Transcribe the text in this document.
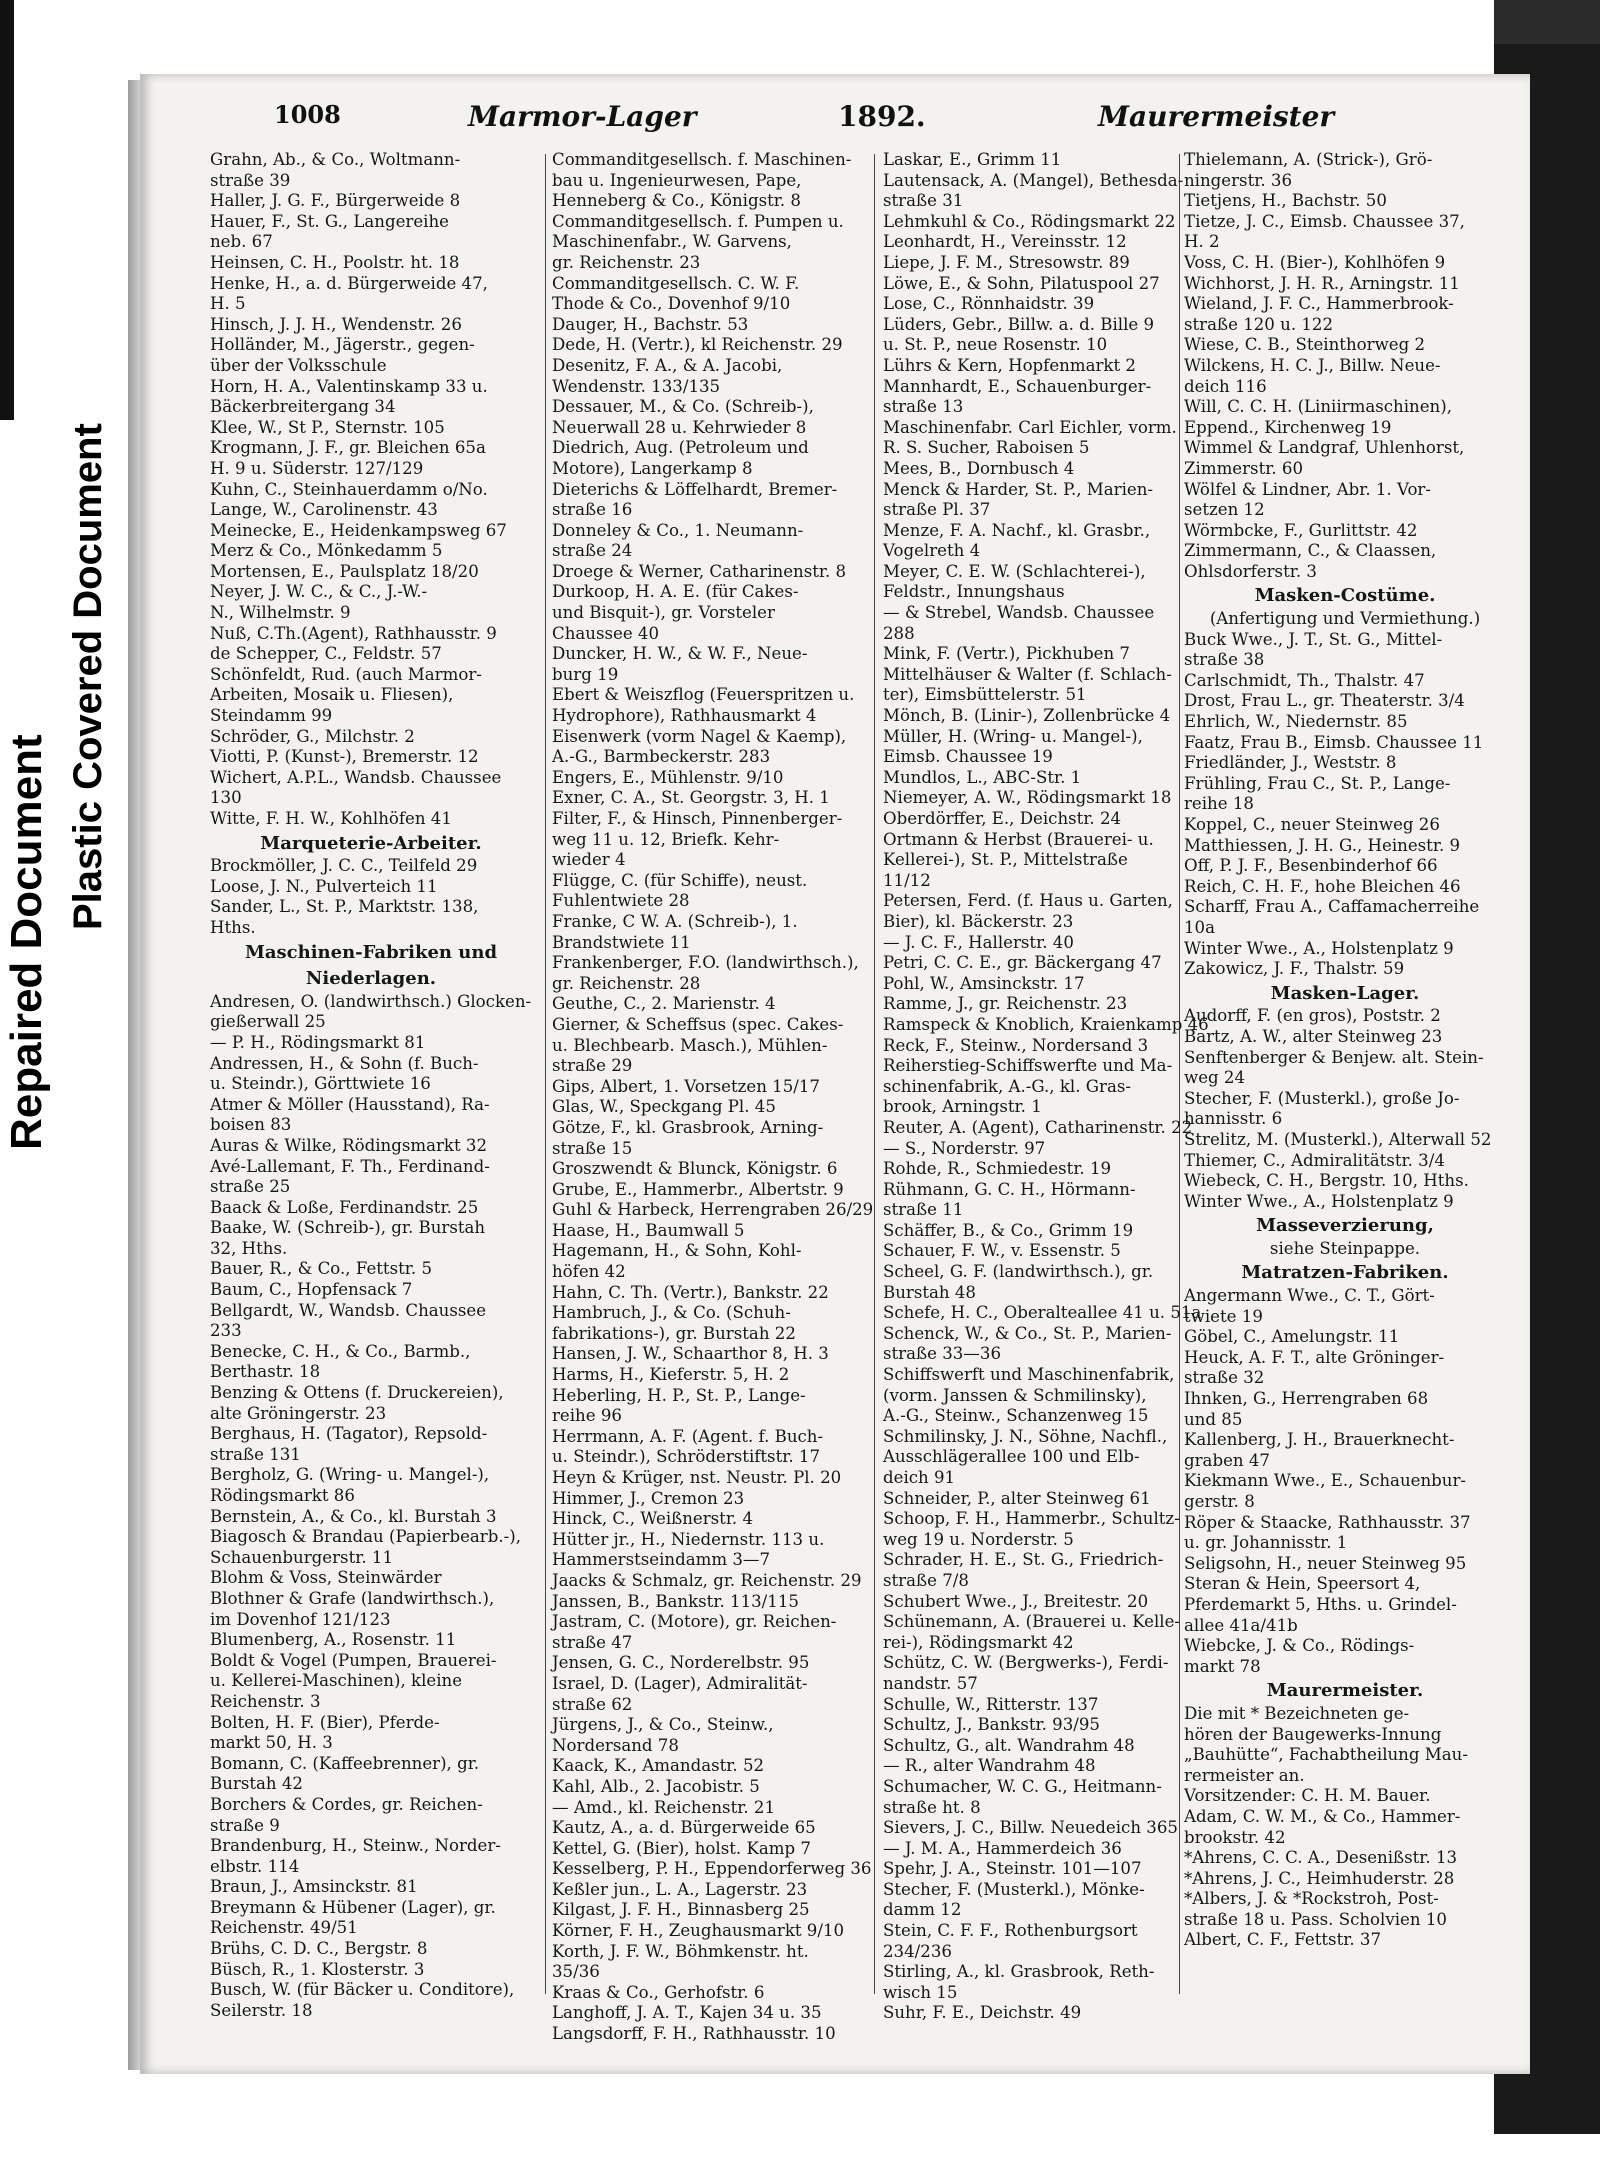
Repaired Document
Plastic Covered Document
1008	Marmor-Lager	1892.	Maurermeister
Grahn, Ab., & Co., Woltmann-
straße 39
Haller, J. G. F., Bürgerweide 8
Hauer, F., St. G., Langereihe
neb. 67
Heinsen, C. H., Poolstr. ht. 18
Henke, H., a. d. Bürgerweide 47,
H. 5
Hinsch, J. J. H., Wendenstr. 26
Holländer, M., Jägerstr., gegen-
über der Volksschule
Horn, H. A., Valentinskamp 33 u.
Bäckerbreitergang 34
Klee, W., St P., Sternstr. 105
Krogmann, J. F., gr. Bleichen 65a
H. 9 u. Süderstr. 127/129
Kuhn, C., Steinhauerdamm o/No.
Lange, W., Carolinenstr. 43
Meinecke, E., Heidenkampsweg 67
Merz & Co., Mönkedamm 5
Mortensen, E., Paulsplatz 18/20
Neyer, J. W. C., & C., J.-W.-
N., Wilhelmstr. 9
Nuß, C.Th.(Agent), Rathhausstr. 9
de Schepper, C., Feldstr. 57
Schönfeldt, Rud. (auch Marmor-
Arbeiten, Mosaik u. Fliesen),
Steindamm 99
Schröder, G., Milchstr. 2
Viotti, P. (Kunst-), Bremerstr. 12
Wichert, A.P.L., Wandsb. Chaussee
130
Witte, F. H. W., Kohlhöfen 41
Marqueterie-Arbeiter.
Brockmöller, J. C. C., Teilfeld 29
Loose, J. N., Pulverteich 11
Sander, L., St. P., Marktstr. 138,
Hths.
Maschinen-Fabriken und
Niederlagen.
Andresen, O. (landwirthsch.) Glocken-
gießerwall 25
— P. H., Rödingsmarkt 81
Andressen, H., & Sohn (f. Buch-
u. Steindr.), Görttwiete 16
Atmer & Möller (Hausstand), Ra-
boisen 83
Auras & Wilke, Rödingsmarkt 32
Avé-Lallemant, F. Th., Ferdinand-
straße 25
Baack & Loße, Ferdinandstr. 25
Baake, W. (Schreib-), gr. Burstah
32, Hths.
Bauer, R., & Co., Fettstr. 5
Baum, C., Hopfensack 7
Bellgardt, W., Wandsb. Chaussee
233
Benecke, C. H., & Co., Barmb.,
Berthastr. 18
Benzing & Ottens (f. Druckereien),
alte Gröningerstr. 23
Berghaus, H. (Tagator), Repsold-
straße 131
Bergholz, G. (Wring- u. Mangel-),
Rödingsmarkt 86
Bernstein, A., & Co., kl. Burstah 3
Biagosch & Brandau (Papierbearb.-),
Schauenburgerstr. 11
Blohm & Voss, Steinwärder
Blothner & Grafe (landwirthsch.),
im Dovenhof 121/123
Blumenberg, A., Rosenstr. 11
Boldt & Vogel (Pumpen, Brauerei-
u. Kellerei-Maschinen), kleine
Reichenstr. 3
Bolten, H. F. (Bier), Pferde-
markt 50, H. 3
Bomann, C. (Kaffeebrenner), gr.
Burstah 42
Borchers & Cordes, gr. Reichen-
straße 9
Brandenburg, H., Steinw., Norder-
elbstr. 114
Braun, J., Amsinckstr. 81
Breymann & Hübener (Lager), gr.
Reichenstr. 49/51
Brühs, C. D. C., Bergstr. 8
Büsch, R., 1. Klosterstr. 3
Busch, W. (für Bäcker u. Conditore),
Seilerstr. 18
Commanditgesellsch. f. Maschinen-
bau u. Ingenieurwesen, Pape,
Henneberg & Co., Königstr. 8
Commanditgesellsch. f. Pumpen u.
Maschinenfabr., W. Garvens,
gr. Reichenstr. 23
Commanditgesellsch. C. W. F.
Thode & Co., Dovenhof 9/10
Dauger, H., Bachstr. 53
Dede, H. (Vertr.), kl Reichenstr. 29
Desenitz, F. A., & A. Jacobi,
Wendenstr. 133/135
Dessauer, M., & Co. (Schreib-),
Neuerwall 28 u. Kehrwieder 8
Diedrich, Aug. (Petroleum und
Motore), Langerkamp 8
Dieterichs & Löffelhardt, Bremer-
straße 16
Donneley & Co., 1. Neumann-
straße 24
Droege & Werner, Catharinenstr. 8
Durkoop, H. A. E. (für Cakes-
und Bisquit-), gr. Vorsteler
Chaussee 40
Duncker, H. W., & W. F., Neue-
burg 19
Ebert & Weiszflog (Feuerspritzen u.
Hydrophore), Rathhausmarkt 4
Eisenwerk (vorm Nagel & Kaemp),
A.-G., Barmbeckerstr. 283
Engers, E., Mühlenstr. 9/10
Exner, C. A., St. Georgstr. 3, H. 1
Filter, F., & Hinsch, Pinnenberger-
weg 11 u. 12, Briefk. Kehr-
wieder 4
Flügge, C. (für Schiffe), neust.
Fuhlentwiete 28
Franke, C W. A. (Schreib-), 1.
Brandstwiete 11
Frankenberger, F.O. (landwirthsch.),
gr. Reichenstr. 28
Geuthe, C., 2. Marienstr. 4
Gierner, & Scheffsus (spec. Cakes-
u. Blechbearb. Masch.), Mühlen-
straße 29
Gips, Albert, 1. Vorsetzen 15/17
Glas, W., Speckgang Pl. 45
Götze, F., kl. Grasbrook, Arning-
straße 15
Groszwendt & Blunck, Königstr. 6
Grube, E., Hammerbr., Albertstr. 9
Guhl & Harbeck, Herrengraben 26/29
Haase, H., Baumwall 5
Hagemann, H., & Sohn, Kohl-
höfen 42
Hahn, C. Th. (Vertr.), Bankstr. 22
Hambruch, J., & Co. (Schuh-
fabrikations-), gr. Burstah 22
Hansen, J. W., Schaarthor 8, H. 3
Harms, H., Kieferstr. 5, H. 2
Heberling, H. P., St. P., Lange-
reihe 96
Herrmann, A. F. (Agent. f. Buch-
u. Steindr.), Schröderstiftstr. 17
Heyn & Krüger, nst. Neustr. Pl. 20
Himmer, J., Cremon 23
Hinck, C., Weißnerstr. 4
Hütter jr., H., Niedernstr. 113 u.
Hammerstseindamm 3—7
Jaacks & Schmalz, gr. Reichenstr. 29
Janssen, B., Bankstr. 113/115
Jastram, C. (Motore), gr. Reichen-
straße 47
Jensen, G. C., Norderelbstr. 95
Israel, D. (Lager), Admiralität-
straße 62
Jürgens, J., & Co., Steinw.,
Nordersand 78
Kaack, K., Amandastr. 52
Kahl, Alb., 2. Jacobistr. 5
— Amd., kl. Reichenstr. 21
Kautz, A., a. d. Bürgerweide 65
Kettel, G. (Bier), holst. Kamp 7
Kesselberg, P. H., Eppendorferweg 36
Keßler jun., L. A., Lagerstr. 23
Kilgast, J. F. H., Binnasberg 25
Körner, F. H., Zeughausmarkt 9/10
Korth, J. F. W., Böhmkenstr. ht.
35/36
Kraas & Co., Gerhofstr. 6
Langhoff, J. A. T., Kajen 34 u. 35
Langsdorff, F. H., Rathhausstr. 10
Laskar, E., Grimm 11
Lautensack, A. (Mangel), Bethesda-
straße 31
Lehmkuhl & Co., Rödingsmarkt 22
Leonhardt, H., Vereinsstr. 12
Liepe, J. F. M., Stresowstr. 89
Löwe, E., & Sohn, Pilatuspool 27
Lose, C., Rönnhaidstr. 39
Lüders, Gebr., Billw. a. d. Bille 9
u. St. P., neue Rosenstr. 10
Lührs & Kern, Hopfenmarkt 2
Mannhardt, E., Schauenburger-
straße 13
Maschinenfabr. Carl Eichler, vorm.
R. S. Sucher, Raboisen 5
Mees, B., Dornbusch 4
Menck & Harder, St. P., Marien-
straße Pl. 37
Menze, F. A. Nachf., kl. Grasbr.,
Vogelreth 4
Meyer, C. E. W. (Schlachterei-),
Feldstr., Innungshaus
— & Strebel, Wandsb. Chaussee
288
Mink, F. (Vertr.), Pickhuben 7
Mittelhäuser & Walter (f. Schlach-
ter), Eimsbüttelerstr. 51
Mönch, B. (Linir-), Zollenbrücke 4
Müller, H. (Wring- u. Mangel-),
Eimsb. Chaussee 19
Mundlos, L., ABC-Str. 1
Niemeyer, A. W., Rödingsmarkt 18
Oberdörffer, E., Deichstr. 24
Ortmann & Herbst (Brauerei- u.
Kellerei-), St. P., Mittelstraße
11/12
Petersen, Ferd. (f. Haus u. Garten,
Bier), kl. Bäckerstr. 23
— J. C. F., Hallerstr. 40
Petri, C. C. E., gr. Bäckergang 47
Pohl, W., Amsinckstr. 17
Ramme, J., gr. Reichenstr. 23
Ramspeck & Knoblich, Kraienkamp 46
Reck, F., Steinw., Nordersand 3
Reiherstieg-Schiffswerfte und Ma-
schinenfabrik, A.-G., kl. Gras-
brook, Arningstr. 1
Reuter, A. (Agent), Catharinenstr. 22
— S., Norderstr. 97
Rohde, R., Schmiedestr. 19
Rühmann, G. C. H., Hörmann-
straße 11
Schäffer, B., & Co., Grimm 19
Schauer, F. W., v. Essenstr. 5
Scheel, G. F. (landwirthsch.), gr.
Burstah 48
Schefe, H. C., Oberalteallee 41 u. 51a
Schenck, W., & Co., St. P., Marien-
straße 33—36
Schiffswerft und Maschinenfabrik,
(vorm. Janssen & Schmilinsky),
A.-G., Steinw., Schanzenweg 15
Schmilinsky, J. N., Söhne, Nachfl.,
Ausschlägerallee 100 und Elb-
deich 91
Schneider, P., alter Steinweg 61
Schoop, F. H., Hammerbr., Schultz-
weg 19 u. Norderstr. 5
Schrader, H. E., St. G., Friedrich-
straße 7/8
Schubert Wwe., J., Breitestr. 20
Schünemann, A. (Brauerei u. Kelle-
rei-), Rödingsmarkt 42
Schütz, C. W. (Bergwerks-), Ferdi-
nandstr. 57
Schulle, W., Ritterstr. 137
Schultz, J., Bankstr. 93/95
Schultz, G., alt. Wandrahm 48
— R., alter Wandrahm 48
Schumacher, W. C. G., Heitmann-
straße ht. 8
Sievers, J. C., Billw. Neuedeich 365
— J. M. A., Hammerdeich 36
Spehr, J. A., Steinstr. 101—107
Stecher, F. (Musterkl.), Mönke-
damm 12
Stein, C. F. F., Rothenburgsort
234/236
Stirling, A., kl. Grasbrook, Reth-
wisch 15
Suhr, F. E., Deichstr. 49
Thielemann, A. (Strick-), Grö-
ningerstr. 36
Tietjens, H., Bachstr. 50
Tietze, J. C., Eimsb. Chaussee 37,
H. 2
Voss, C. H. (Bier-), Kohlhöfen 9
Wichhorst, J. H. R., Arningstr. 11
Wieland, J. F. C., Hammerbrook-
straße 120 u. 122
Wiese, C. B., Steinthorweg 2
Wilckens, H. C. J., Billw. Neue-
deich 116
Will, C. C. H. (Liniirmaschinen),
Eppend., Kirchenweg 19
Wimmel & Landgraf, Uhlenhorst,
Zimmerstr. 60
Wölfel & Lindner, Abr. 1. Vor-
setzen 12
Wörmbcke, F., Gurlittstr. 42
Zimmermann, C., & Claassen,
Ohlsdorferstr. 3
Masken-Costüme.
(Anfertigung und Vermiethung.)
Buck Wwe., J. T., St. G., Mittel-
straße 38
Carlschmidt, Th., Thalstr. 47
Drost, Frau L., gr. Theaterstr. 3/4
Ehrlich, W., Niedernstr. 85
Faatz, Frau B., Eimsb. Chaussee 11
Friedländer, J., Weststr. 8
Frühling, Frau C., St. P., Lange-
reihe 18
Koppel, C., neuer Steinweg 26
Matthiessen, J. H. G., Heinestr. 9
Off, P. J. F., Besenbinderhof 66
Reich, C. H. F., hohe Bleichen 46
Scharff, Frau A., Caffamacherreihe
10a
Winter Wwe., A., Holstenplatz 9
Zakowicz, J. F., Thalstr. 59
Masken-Lager.
Audorff, F. (en gros), Poststr. 2
Bartz, A. W., alter Steinweg 23
Senftenberger & Benjew. alt. Stein-
weg 24
Stecher, F. (Musterkl.), große Jo-
hannisstr. 6
Strelitz, M. (Musterkl.), Alterwall 52
Thiemer, C., Admiralitätstr. 3/4
Wiebeck, C. H., Bergstr. 10, Hths.
Winter Wwe., A., Holstenplatz 9
Masseverzierung,
siehe Steinpappe.
Matratzen-Fabriken.
Angermann Wwe., C. T., Gört-
twiete 19
Göbel, C., Amelungstr. 11
Heuck, A. F. T., alte Gröninger-
straße 32
Ihnken, G., Herrengraben 68
und 85
Kallenberg, J. H., Brauerknecht-
graben 47
Kiekmann Wwe., E., Schauenbur-
gerstr. 8
Röper & Staacke, Rathhausstr. 37
u. gr. Johannisstr. 1
Seligsohn, H., neuer Steinweg 95
Steran & Hein, Speersort 4,
Pferdemarkt 5, Hths. u. Grindel-
allee 41a/41b
Wiebcke, J. & Co., Rödings-
markt 78
Maurermeister.
Die mit * Bezeichneten ge-
hören der Baugewerks-Innung
„Bauhütte“, Fachabtheilung Mau-
rermeister an.
Vorsitzender: C. H. M. Bauer.
Adam, C. W. M., & Co., Hammer-
brookstr. 42
*Ahrens, C. C. A., Desenißstr. 13
*Ahrens, J. C., Heimhuderstr. 28
*Albers, J. & *Rockstroh, Post-
straße 18 u. Pass. Scholvien 10
Albert, C. F., Fettstr. 37
